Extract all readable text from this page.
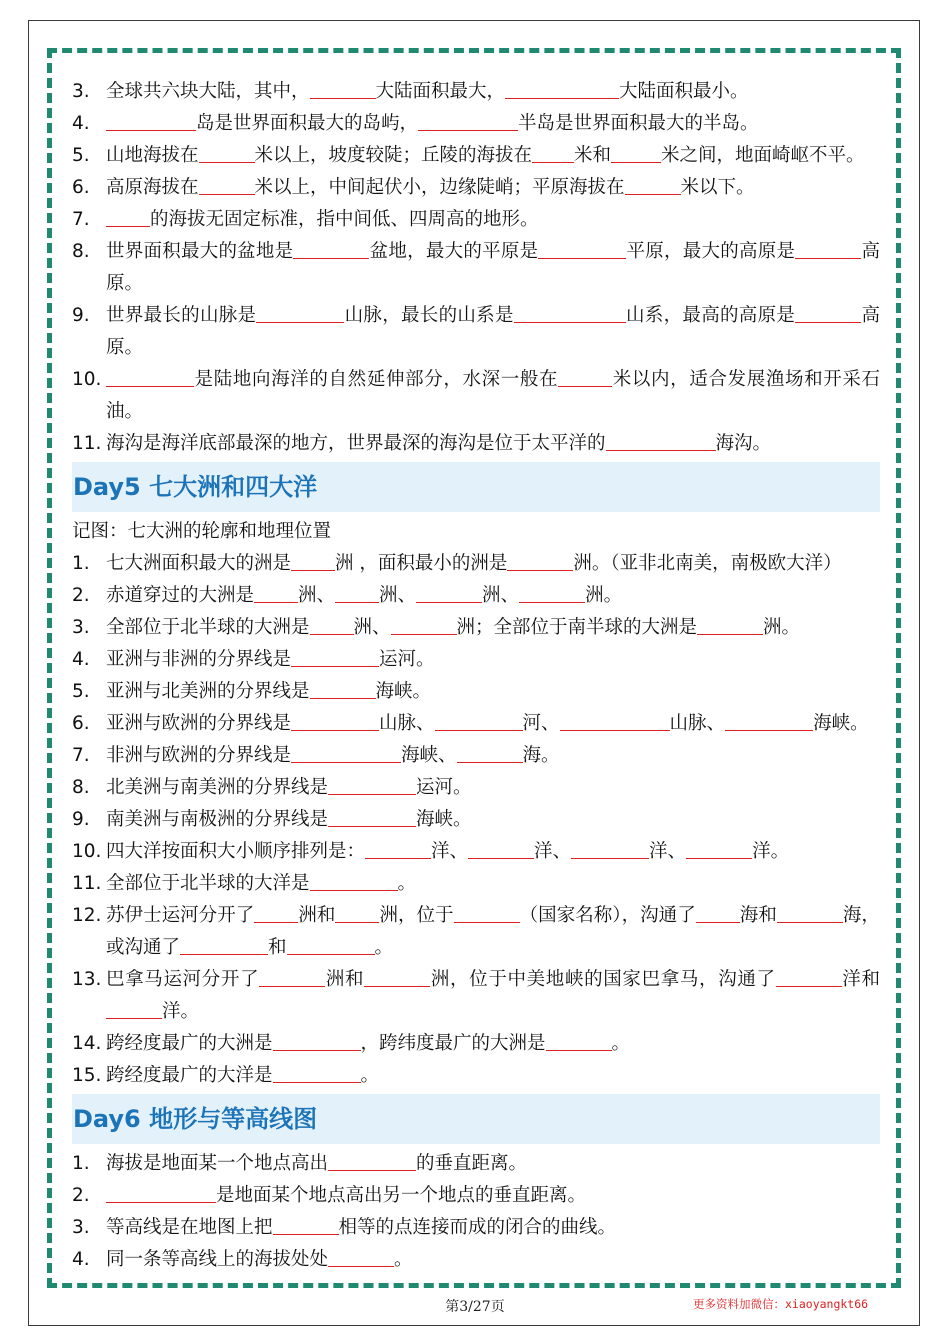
3. 全球共六块大陆，其中，	大陆面积最大，	大陆面积最小。
4.	岛是世界面积最大的岛屿，	半岛是世界面积最大的半岛。
5. 山地海拔在	米以上，坡度较陡；丘陵的海拔在 米和	米之间，地面崎岖不平。
6. 高原海拔在	米以上，中间起伏小，边缘陡峭；平原海拔在	米以下。
7.	的海拔无固定标准，指中间低、四周高的地形。
8. 世界面积最大的盆地是	盆地，最大的平原是	平原，最大的高原是	高原。
9. 世界最长的山脉是	山脉，最长的山系是	山系，最高的高原是	高原。
10.	是陆地向海洋的自然延伸部分，水深一般在	米以内，适合发展渔场和开采石油。
11. 海沟是海洋底部最深的地方，世界最深的海沟是位于太平洋的	海沟。
Day5 七大洲和四大洋
记图：七大洲的轮廓和地理位置
1. 七大洲面积最大的洲是 洲 ，面积最小的洲是	洲。（亚非北南美，南极欧大洋）
2. 赤道穿过的大洲是 洲、 洲、	洲、	洲。
3. 全部位于北半球的大洲是 洲、	洲；全部位于南半球的大洲是	洲。
4. 亚洲与非洲的分界线是	运河。
5. 亚洲与北美洲的分界线是	海峡。
6. 亚洲与欧洲的分界线是	山脉、	河、	山脉、	海峡。
7. 非洲与欧洲的分界线是	海峡、	海。
8. 北美洲与南美洲的分界线是	运河。
9. 南美洲与南极洲的分界线是	海峡。
10. 四大洋按面积大小顺序排列是：	洋、	洋、	洋、	洋。
11. 全部位于北半球的大洋是	。
12. 苏伊士运河分开了 洲和 洲，位于	（国家名称），沟通了 海和	海，或沟通了	和	。
13. 巴拿马运河分开了	洲和	洲，位于中美地峡的国家巴拿马，沟通了	洋和洋。
14. 跨经度最广的大洲是	，跨纬度最广的大洲是	。
15. 跨经度最广的大洋是	。
Day6 地形与等高线图
1. 海拔是地面某一个地点高出	的垂直距离。
2.	是地面某个地点高出另一个地点的垂直距离。
3. 等高线是在地图上把	相等的点连接而成的闭合的曲线。
4. 同一条等高线上的海拔处处	。
第3/27页	更多资料加微信：xiaoyangkt66
